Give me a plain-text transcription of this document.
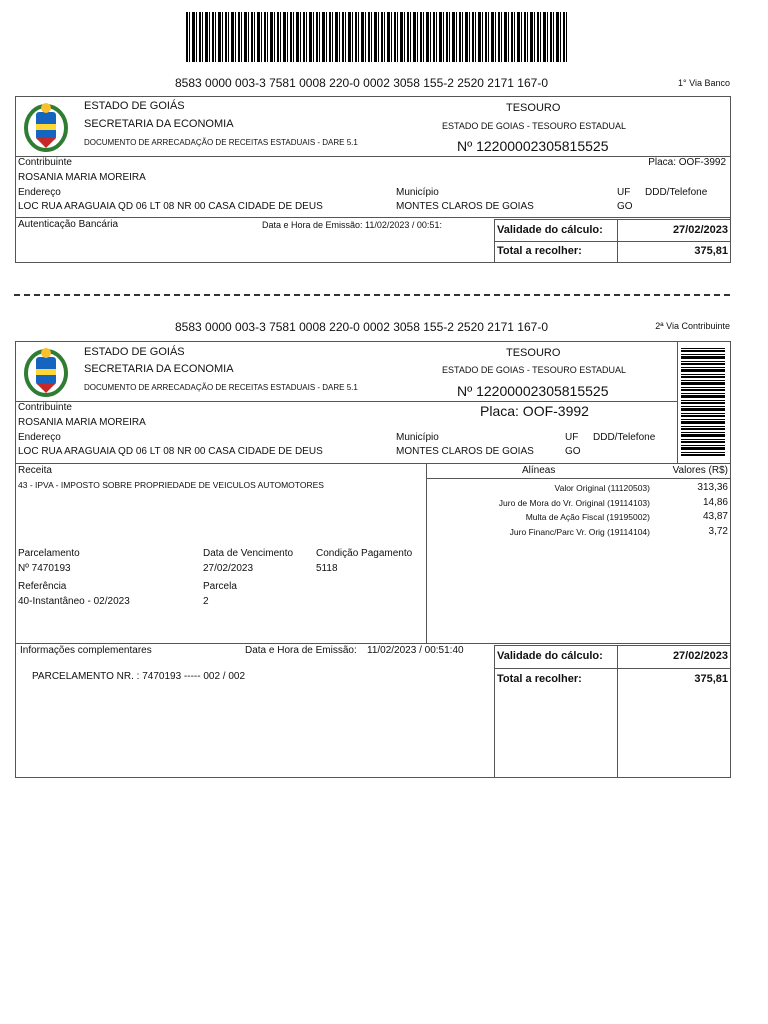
8583 0000 003-3 7581 0008 220-0 0002 3058 155-2 2520 2171 167-0	1° Via Banco
ESTADO DE GOIÁS
SECRETARIA DA ECONOMIA
DOCUMENTO DE ARRECADAÇÃO DE RECEITAS ESTADUAIS - DARE 5.1
TESOURO
ESTADO DE GOIAS - TESOURO ESTADUAL
Nº 12200002305815525
Contribuinte	Placa: OOF-3992
ROSANIA MARIA MOREIRA
Endereço	Município	UF DDD/Telefone
LOC RUA ARAGUAIA QD 06 LT 08 NR 00 CASA CIDADE DE DEUS	MONTES CLAROS DE GOIAS	GO
Autenticação Bancária	Data e Hora de Emissão: 11/02/2023 / 00:51:	Validade do cálculo:	27/02/2023
Total a recolher:	375,81
8583 0000 003-3 7581 0008 220-0 0002 3058 155-2 2520 2171 167-0	2ª Via Contribuinte
ESTADO DE GOIÁS
SECRETARIA DA ECONOMIA
DOCUMENTO DE ARRECADAÇÃO DE RECEITAS ESTADUAIS - DARE 5.1
TESOURO
ESTADO DE GOIAS - TESOURO ESTADUAL
Nº 12200002305815525
Contribuinte	Placa: OOF-3992
ROSANIA MARIA MOREIRA
Endereço	Município	UF DDD/Telefone
LOC RUA ARAGUAIA QD 06 LT 08 NR 00 CASA CIDADE DE DEUS	MONTES CLAROS DE GOIAS	GO
Receita
43 - IPVA - IMPOSTO SOBRE PROPRIEDADE DE VEICULOS AUTOMOTORES
Alíneas	Valores (R$)
Valor Original (11120503)	313,36
Juro de Mora do Vr. Original (19114103)	14,86
Multa de Ação Fiscal (19195002)	43,87
Juro Financ/Parc Vr. Orig (19114104)	3,72
Parcelamento	Data de Vencimento Condição Pagamento
Nº 7470193	27/02/2023	5118
Referência	Parcela
40-Instantâneo - 02/2023	2
Informações complementares	Data e Hora de Emissão: 11/02/2023 / 00:51:40
PARCELAMENTO NR. : 7470193 ----- 002 / 002
Validade do cálculo:	27/02/2023
Total a recolher:	375,81
